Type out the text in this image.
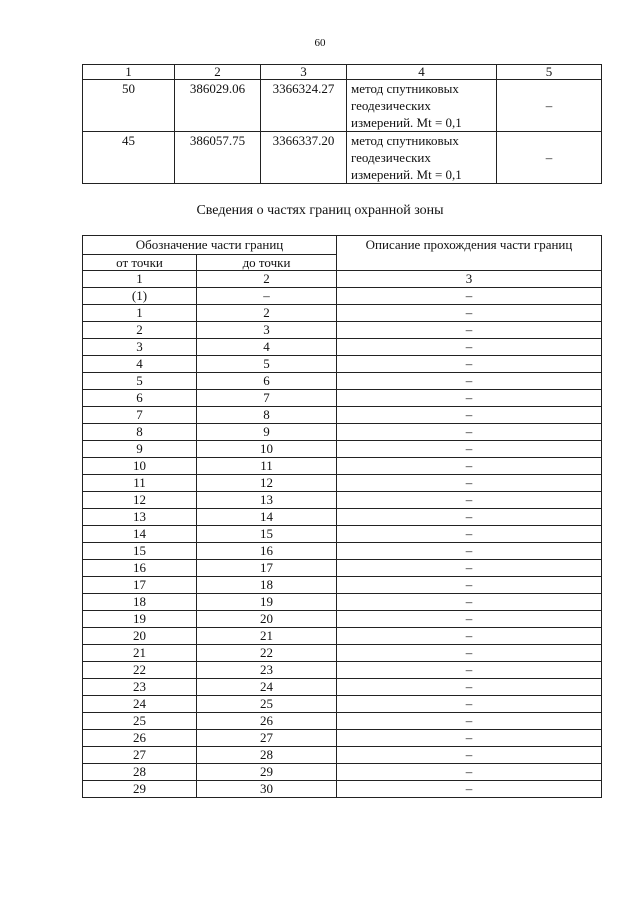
60
1	2	3	4	5
50	386029.06	3366324.27	метод спутниковых
геодезических
измерений. Mt = 0,1	–
45	386057.75	3366337.20	метод спутниковых
геодезических
измерений. Mt = 0,1	–
Сведения о частях границ охранной зоны
Обозначение части границ		Описание прохождения части границ
от точки	до точки	
1	2	3
(1)	–	–
1	2	–
2	3	–
3	4	–
4	5	–
5	6	–
6	7	–
7	8	–
8	9	–
9	10	–
10	11	–
11	12	–
12	13	–
13	14	–
14	15	–
15	16	–
16	17	–
17	18	–
18	19	–
19	20	–
20	21	–
21	22	–
22	23	–
23	24	–
24	25	–
25	26	–
26	27	–
27	28	–
28	29	–
29	30	–
